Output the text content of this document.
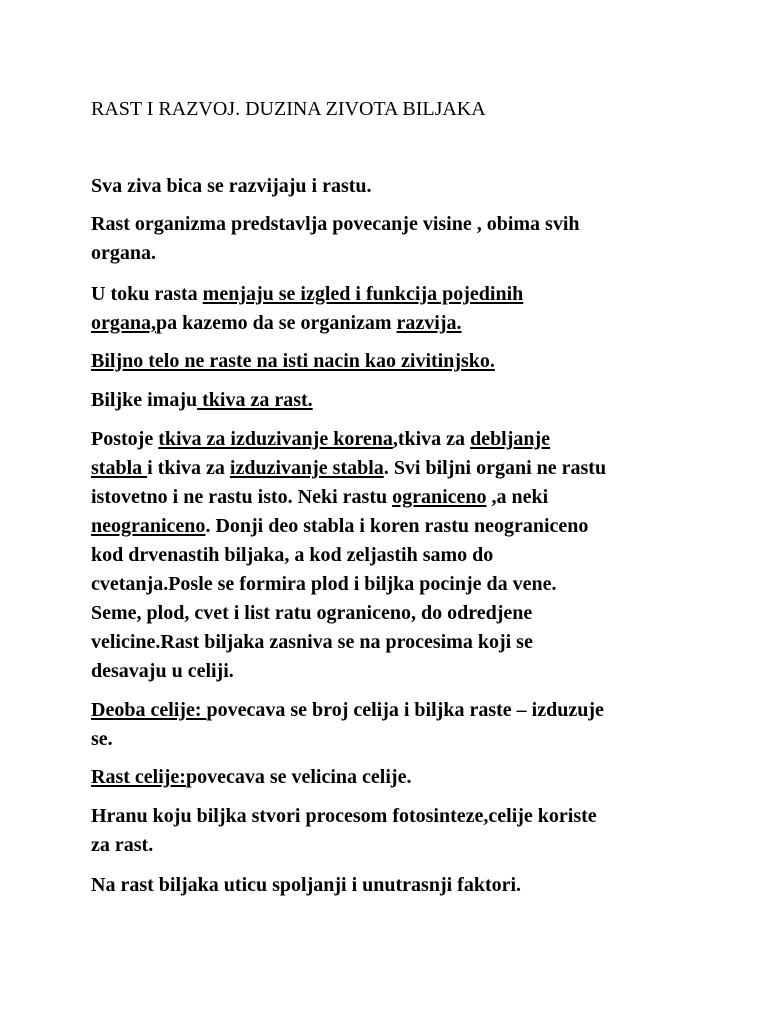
RAST I RAZVOJ. DUZINA ZIVOTA BILJAKA
Sva ziva bica se razvijaju i rastu.
Rast organizma predstavlja povecanje visine , obima svih
organa.
U toku rasta menjaju se izgled i funkcija pojedinih
organa,pa kazemo da se organizam razvija.
Biljno telo ne raste na isti nacin kao zivitinjsko.
Biljke imaju tkiva za rast.
Postoje tkiva za izduzivanje korena,tkiva za debljanje
stabla i tkiva za izduzivanje stabla. Svi biljni organi ne rastu
istovetno i ne rastu isto. Neki rastu ograniceno ,a neki
neograniceno. Donji deo stabla i koren rastu neograniceno
kod drvenastih biljaka, a kod zeljastih samo do
cvetanja.Posle se formira plod i biljka pocinje da vene.
Seme, plod, cvet i list ratu ograniceno, do odredjene
velicine.Rast biljaka zasniva se na procesima koji se
desavaju u celiji.
Deoba celije: povecava se broj celija i biljka raste – izduzuje
se.
Rast celije:povecava se velicina celije.
Hranu koju biljka stvori procesom fotosinteze,celije koriste
za rast.
Na rast biljaka uticu spoljanji i unutrasnji faktori.
